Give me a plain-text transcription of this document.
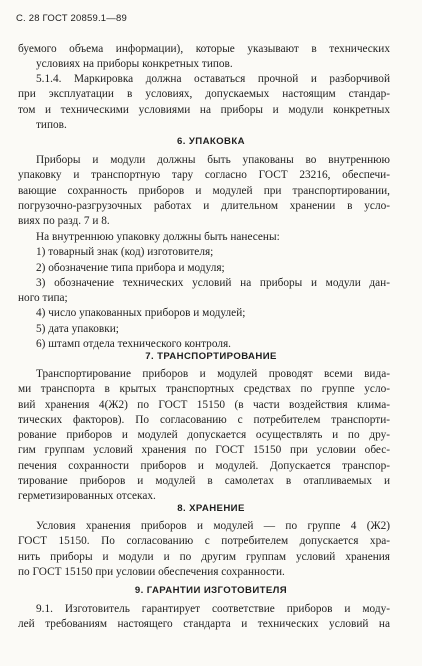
С. 28 ГОСТ 20859.1—89
буемого объема информации), которые указывают в технических
условиях на приборы конкретных типов.
5.1.4. Маркировка должна оставаться прочной и разборчивой
при эксплуатации в условиях, допускаемых настоящим стандар-
том и техническими условиями на приборы и модули конкретных
типов.
6. УПАКОВКА
Приборы и модули должны быть упакованы во внутреннюю
упаковку и транспортную тару согласно ГОСТ 23216, обеспечи-
вающие сохранность приборов и модулей при транспортировании,
погрузочно-разгрузочных работах и длительном хранении в усло-
виях по разд. 7 и 8.
На внутреннюю упаковку должны быть нанесены:
1) товарный знак (код) изготовителя;
2) обозначение типа прибора и модуля;
3) обозначение технических условий на приборы и модули дан-
ного типа;
4) число упакованных приборов и модулей;
5) дата упаковки;
6) штамп отдела технического контроля.
7. ТРАНСПОРТИРОВАНИЕ
Транспортирование приборов и модулей проводят всеми вида-
ми транспорта в крытых транспортных средствах по группе усло-
вий хранения 4(Ж2) по ГОСТ 15150 (в части воздействия клима-
тических факторов). По согласованию с потребителем транспорти-
рование приборов и модулей допускается осуществлять и по дру-
гим группам условий хранения по ГОСТ 15150 при условии обес-
печения сохранности приборов и модулей. Допускается транспор-
тирование приборов и модулей в самолетах в отапливаемых и
герметизированных отсеках.
8. ХРАНЕНИЕ
Условия хранения приборов и модулей — по группе 4 (Ж2)
ГОСТ 15150. По согласованию с потребителем допускается хра-
нить приборы и модули и по другим группам условий хранения
по ГОСТ 15150 при условии обеспечения сохранности.
9. ГАРАНТИИ ИЗГОТОВИТЕЛЯ
9.1. Изготовитель гарантирует соответствие приборов и моду-
лей требованиям настоящего стандарта и технических условий на
